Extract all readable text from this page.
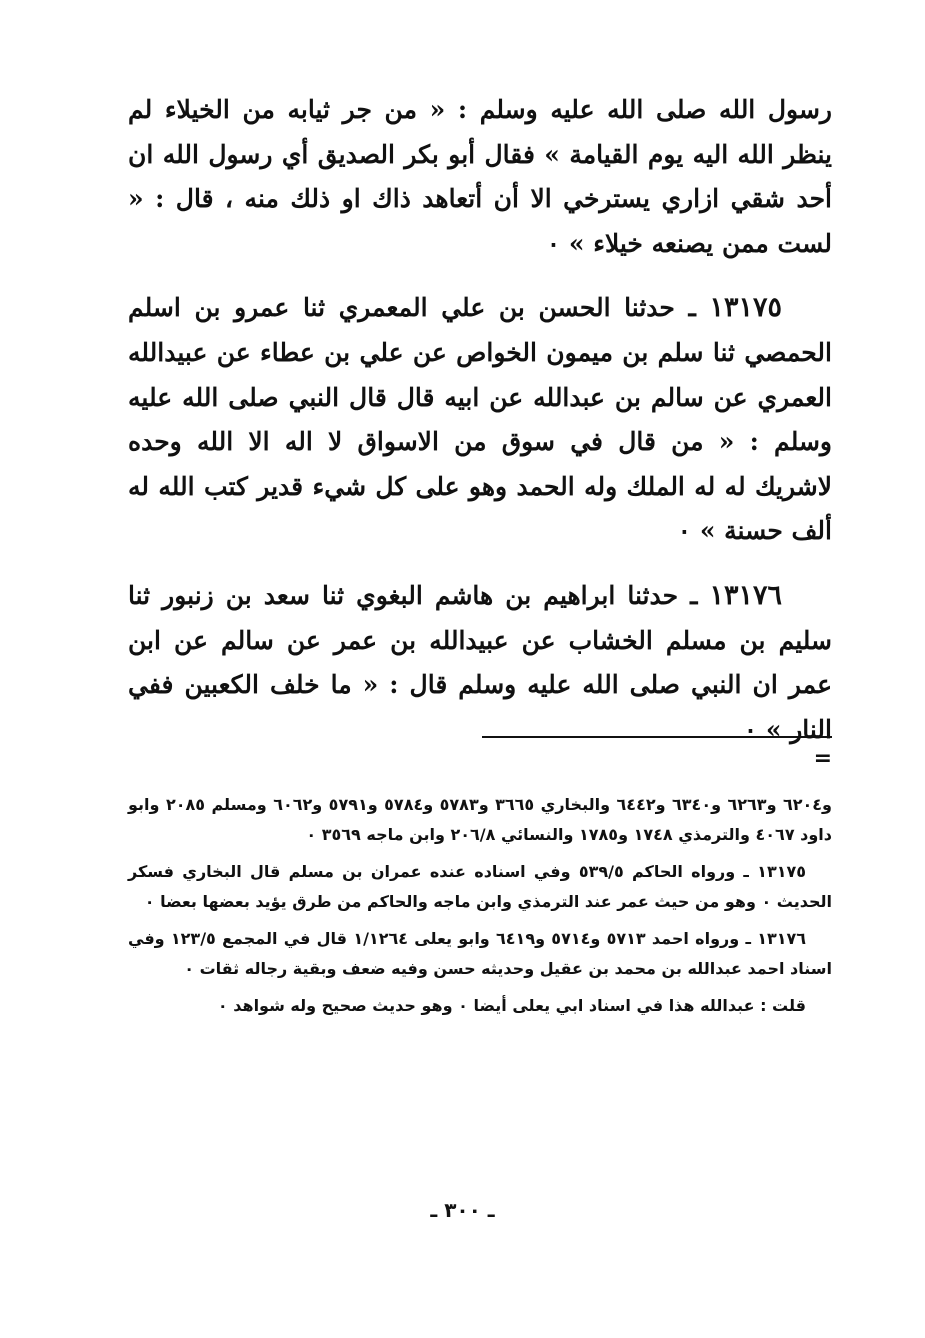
رسول الله صلى الله عليه وسلم : « من جر ثيابه من الخيلاء لم ينظر الله اليه يوم القيامة » فقال أبو بكر الصديق أي رسول الله ان أحد شقي ازاري يسترخي الا أن أتعاهد ذاك او ذلك منه ، قال : « لست ممن يصنعه خيلاء » ٠

١٣١٧٥ ـ حدثنا الحسن بن علي المعمري ثنا عمرو بن اسلم الحمصي ثنا سلم بن ميمون الخواص عن علي بن عطاء عن عبيدالله العمري عن سالم بن عبدالله عن ابيه قال قال النبي صلى الله عليه وسلم : « من قال في سوق من الاسواق لا اله الا الله وحده لاشريك له له الملك وله الحمد وهو على كل شيء قدير كتب الله له ألف حسنة » ٠

١٣١٧٦ ـ حدثنا ابراهيم بن هاشم البغوي ثنا سعد بن زنبور ثنا سليم بن مسلم الخشاب عن عبيدالله بن عمر عن سالم عن ابن عمر ان النبي صلى الله عليه وسلم قال : « ما خلف الكعبين ففي النار » ٠

=

و٦٢٠٤ و٦٢٦٣ و٦٣٤٠ و٦٤٤٢ والبخاري ٣٦٦٥ و٥٧٨٣ و٥٧٨٤ و٥٧٩١ و٦٠٦٢ ومسلم ٢٠٨٥ وابو داود ٤٠٦٧ والترمذي ١٧٤٨ و١٧٨٥ والنسائي ٢٠٦/٨ وابن ماجه ٣٥٦٩ ٠

١٣١٧٥ ـ ورواه الحاكم ٥٣٩/٥ وفي اسناده عنده عمران بن مسلم قال البخاري فسكر الحديث ٠ وهو من حيث عمر عند الترمذي وابن ماجه والحاكم من طرق يؤيد بعضها بعضا ٠

١٣١٧٦ ـ ورواه احمد ٥٧١٣ و٥٧١٤ و٦٤١٩ وابو يعلى ١/١٢٦٤ قال في المجمع ١٢٣/٥ وفي اسناد احمد عبدالله بن محمد بن عقيل وحديثه حسن وفيه ضعف وبقية رجاله ثقات ٠

قلت : عبدالله هذا في اسناد ابي يعلى أيضا ٠ وهو حديث صحيح وله شواهد ٠

ـ ٣٠٠ ـ
